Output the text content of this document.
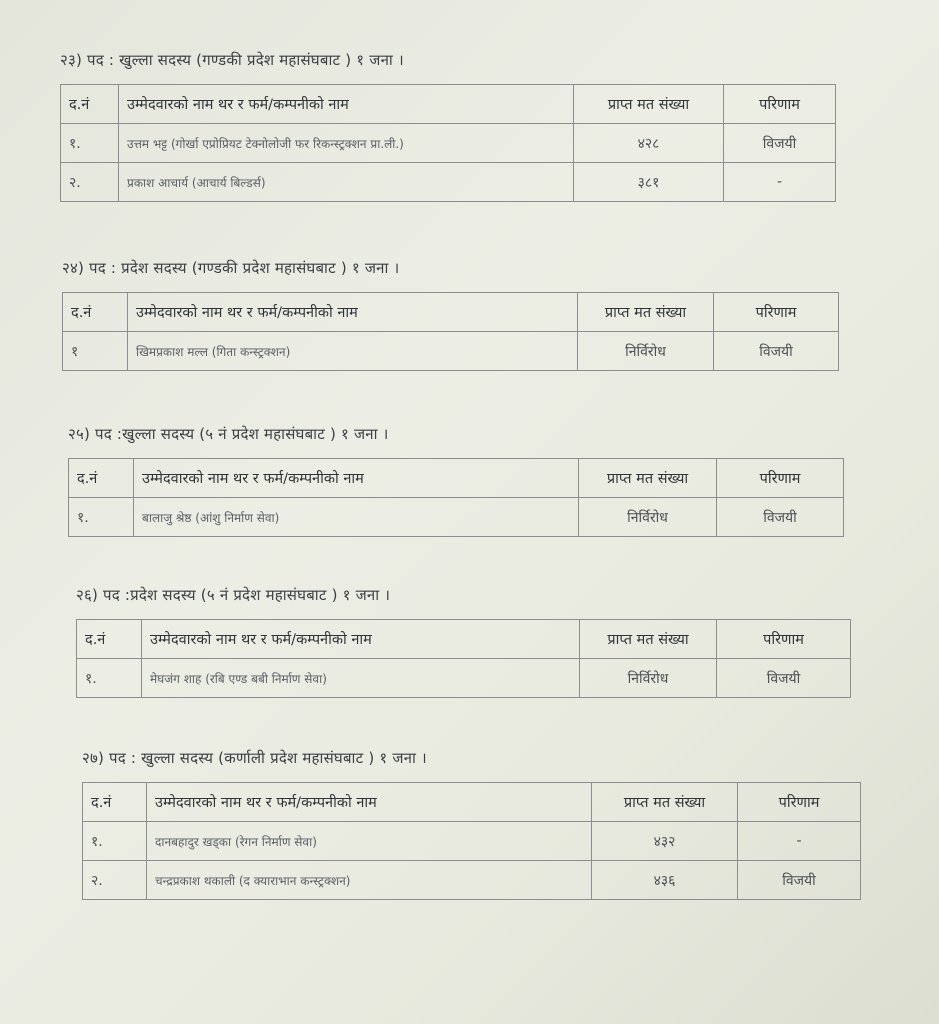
२३) पद : खुल्ला सदस्य (गण्डकी प्रदेश महासंघबाट ) १ जना ।
द.नं	उम्मेदवारको नाम थर र फर्म/कम्पनीको नाम	प्राप्त मत संख्या	परिणाम
१.	उत्तम भट्ट (गोर्खा एप्रोप्रियट टेक्नोलोजी फर रिकन्स्ट्रक्शन प्रा.ली.)	४२८	विजयी
२.	प्रकाश आचार्य (आचार्य बिल्डर्स)	३८१	-
२४) पद : प्रदेश सदस्य (गण्डकी प्रदेश महासंघबाट ) १ जना ।
द.नं	उम्मेदवारको नाम थर र फर्म/कम्पनीको नाम	प्राप्त मत संख्या	परिणाम
१	खिमप्रकाश मल्ल (गिता कन्स्ट्रक्शन)	निर्विरोध	विजयी
२५) पद :खुल्ला सदस्य (५ नं प्रदेश महासंघबाट ) १ जना ।
द.नं	उम्मेदवारको नाम थर र फर्म/कम्पनीको नाम	प्राप्त मत संख्या	परिणाम
१.	बालाजु श्रेष्ठ (आंशु निर्माण सेवा)	निर्विरोध	विजयी
२६) पद :प्रदेश सदस्य (५ नं प्रदेश महासंघबाट ) १ जना ।
द.नं	उम्मेदवारको नाम थर र फर्म/कम्पनीको नाम	प्राप्त मत संख्या	परिणाम
१.	मेघजंग शाह (रबि एण्ड बबी निर्माण सेवा)	निर्विरोध	विजयी
२७) पद : खुल्ला सदस्य (कर्णाली प्रदेश महासंघबाट ) १ जना ।
द.नं	उम्मेदवारको नाम थर र फर्म/कम्पनीको नाम	प्राप्त मत संख्या	परिणाम
१.	दानबहादुर खड्का (रेगन निर्माण सेवा)	४३२	-
२.	चन्द्रप्रकाश थकाली (द क्याराभान कन्स्ट्रक्शन)	४३६	विजयी
